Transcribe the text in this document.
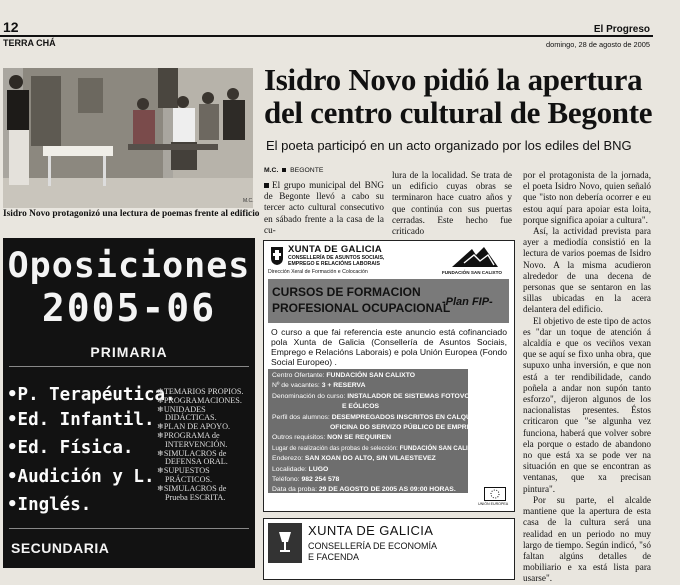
12	El Progreso
TERRA CHÁ	domingo, 28 de agosto de 2005
M.C.
Isidro Novo protagonizó una lectura de poemas frente al edificio
Isidro Novo pidió la apertura
del centro cultural de Begonte
El poeta participó en un acto organizado por los ediles del BNG
M.C. BEGONTE

El grupo municipal del BNG de Begonte llevó a cabo su tercer acto cultural consecutivo en sábado frente a la casa de la cu-

lura de la localidad. Se trata de un edificio cuyas obras se terminaron hace cuatro años y que continúa con sus puertas cerradas. Este hecho fue criticado

por el protagonista de la jornada, el poeta Isidro Novo, quien señaló que "isto non debería ocorrer e eu estou aquí para apoiar esta loita, porque significa apoiar a cultura".

Así, la actividad prevista para ayer a mediodía consistió en la lectura de varios poemas de Isidro Novo. A la misma acudieron alrededor de una decena de personas que se sentaron en las sillas ubicadas en la acera delantera del edificio.

El objetivo de este tipo de actos es "dar un toque de atención á alcaldía e que os veciños vexan que se aquí se fixo unha obra, que supuxo unha inversión, e que non está a ter rendibilidade, cando poñela a andar non supón tanto esforzo", dijeron algunos de los nacionalistas presentes. Éstos criticaron que "se algunha vez funciona, haberá que volver sobre ela porque o estado de abandono no que está xa se pode ver na situación en que se encontran as ventanas, que xa precisan pintura".

Por su parte, el alcalde mantiene que la apertura de esta casa de la cultura será una realidad en un periodo no muy largo de tiempo. Según indicó, "só faltan algúns detalles de mobiliario e xa está lista para usarse".

Oposiciones
2005-06
PRIMARIA
•P. Terapéutica.
•Ed. Infantil.
•Ed. Física.
•Audición y L.
•Inglés.
❄TEMARIOS PROPIOS.
❄PROGRAMACIONES.
❄UNIDADES
DIDÁCTICAS.
❄PLAN DE APOYO.
❄PROGRAMA de
INTERVENCIÓN.
❄SIMULACROS de
DEFENSA ORAL.
❄SUPUESTOS
PRÁCTICOS.
❄SIMULACROS de
Prueba ESCRITA.
SECUNDARIA
XUNTA DE GALICIA
CONSELLERÍA DE ASUNTOS SOCIAIS,
EMPREGO E RELACIÓNS LABORAIS
Dirección Xeral de Formación e Colocación	FUNDACIÓN SAN CALIXTO
CURSOS DE FORMACION
PROFESIONAL OCUPACIONAL
-Plan FIP-
O curso a que fai referencia este anuncio está cofinanciado pola Xunta de Galicia (Consellería de Asuntos Sociais, Emprego e Relacións Laborais) e pola Unión Europea (Fondo Social Europeo) .
Centro Ofertante: FUNDACIÓN SAN CALIXTO
Nº de vacantes: 3 + RESERVA
Denominación do curso: INSTALADOR DE SISTEMAS FOTOVOLTAICOS
E EÓLICOS
Perfil dos alumnos: DESEMPREGADOS INSCRITOS EN CALQUERA
OFICINA DO SERVIZO PÚBLICO DE EMPREGO.
Outros requisitos: NON SE REQUIREN
Lugar de realización das probas de selección: FUNDACIÓN SAN CALIXTO
Enderezo: SAN XOAN DO ALTO, S/N VILAESTEVEZ
Localidade: LUGO
Teléfono: 982 254 578
Data da proba: 29 DE AGOSTO DE 2005 AS 09:00 HORAS.
UNIÓN EUROPEA
XUNTA DE GALICIA
CONSELLERÍA DE ECONOMÍA
E FACENDA
